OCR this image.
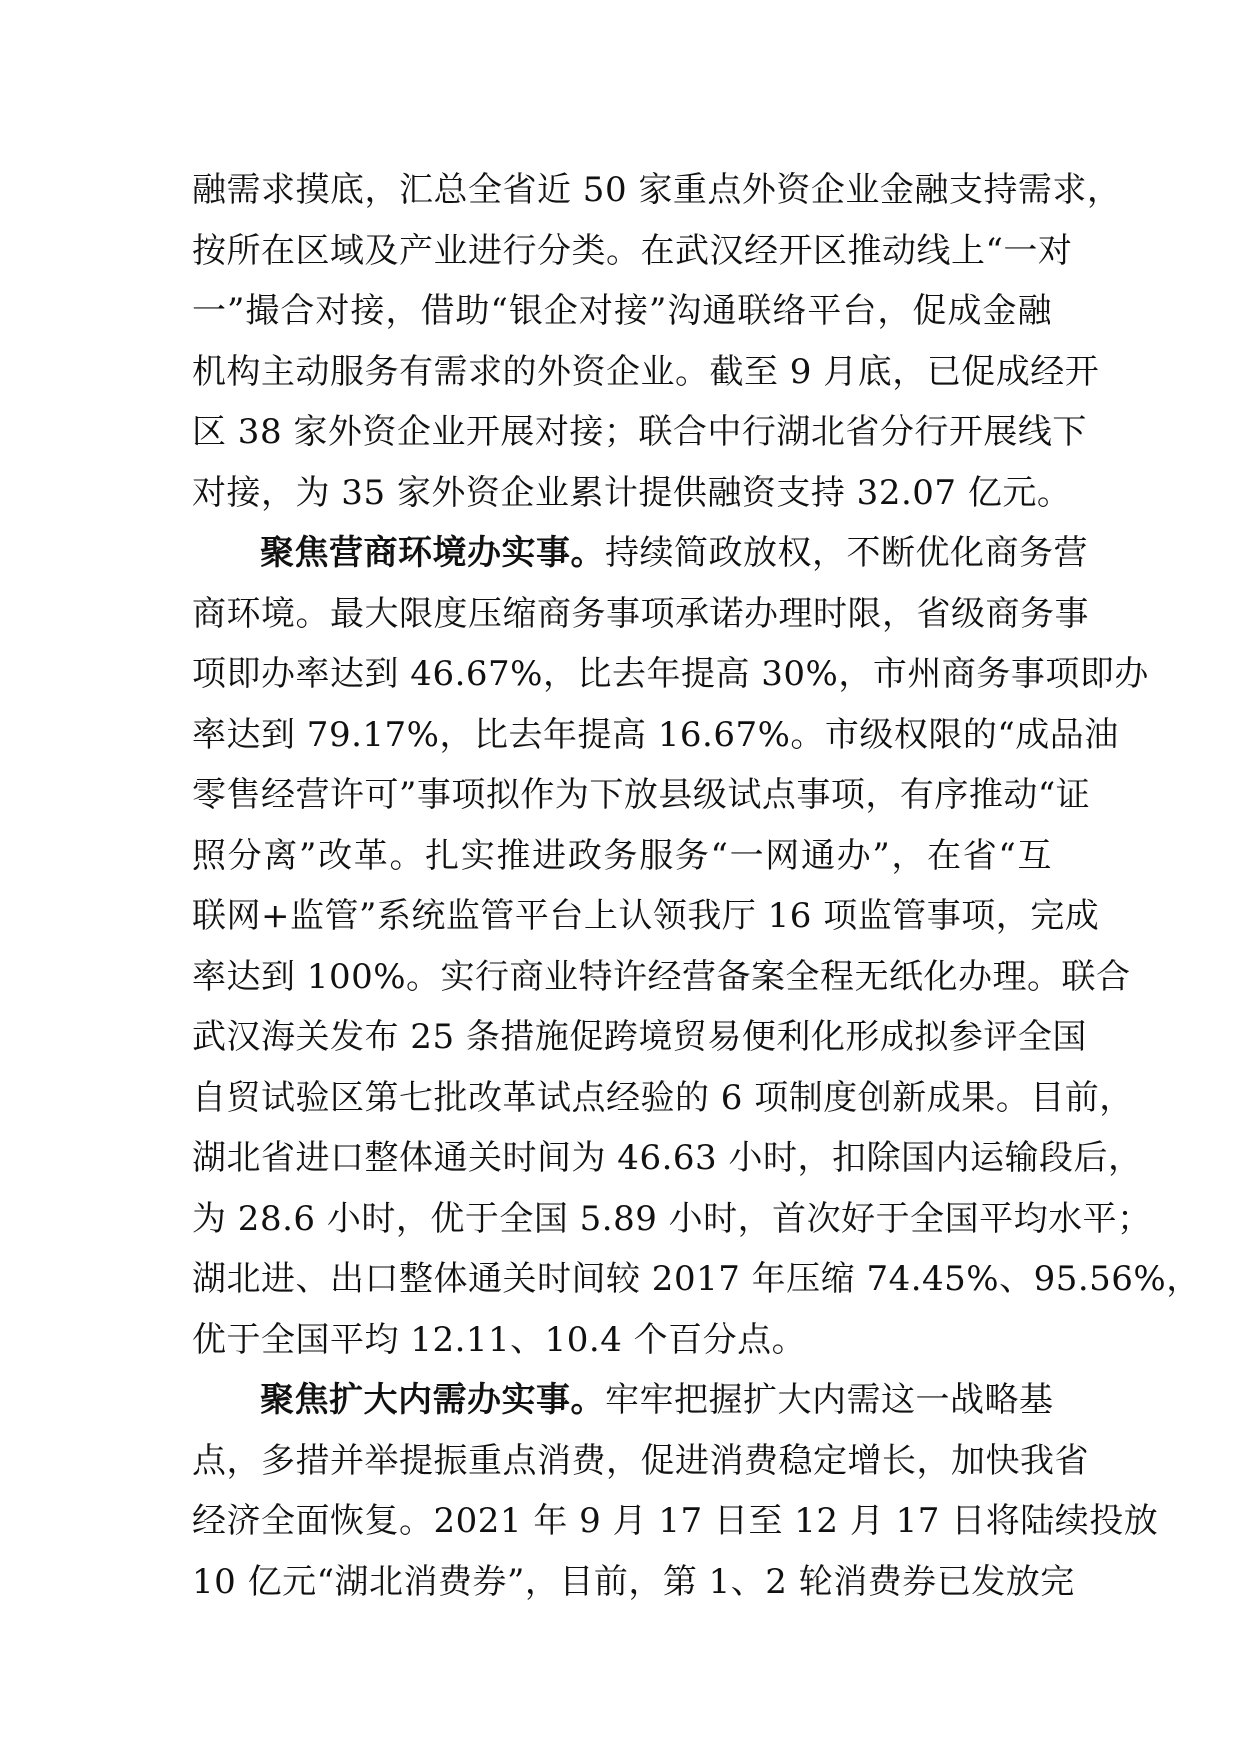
融需求摸底，汇总全省近 50 家重点外资企业金融支持需求，
按所在区域及产业进行分类。在武汉经开区推动线上“一对
一”撮合对接，借助“银企对接”沟通联络平台，促成金融
机构主动服务有需求的外资企业。截至 9 月底，已促成经开
区 38 家外资企业开展对接；联合中行湖北省分行开展线下
对接，为 35 家外资企业累计提供融资支持 32.07 亿元。
聚焦营商环境办实事。持续简政放权，不断优化商务营
商环境。最大限度压缩商务事项承诺办理时限，省级商务事
项即办率达到 46.67%，比去年提高 30%，市州商务事项即办
率达到 79.17%，比去年提高 16.67%。市级权限的“成品油
零售经营许可”事项拟作为下放县级试点事项，有序推动“证
照分离”改革。扎实推进政务服务“一网通办”，在省“互
联网+监管”系统监管平台上认领我厅 16 项监管事项，完成
率达到 100%。实行商业特许经营备案全程无纸化办理。联合
武汉海关发布 25 条措施促跨境贸易便利化形成拟参评全国
自贸试验区第七批改革试点经验的 6 项制度创新成果。目前，
湖北省进口整体通关时间为 46.63 小时，扣除国内运输段后，
为 28.6 小时，优于全国 5.89 小时，首次好于全国平均水平；
湖北进、出口整体通关时间较 2017 年压缩 74.45%、95.56%，
优于全国平均 12.11、10.4 个百分点。
聚焦扩大内需办实事。牢牢把握扩大内需这一战略基
点，多措并举提振重点消费，促进消费稳定增长，加快我省
经济全面恢复。2021 年 9 月 17 日至 12 月 17 日将陆续投放
10 亿元“湖北消费券”，目前，第 1、2 轮消费券已发放完
